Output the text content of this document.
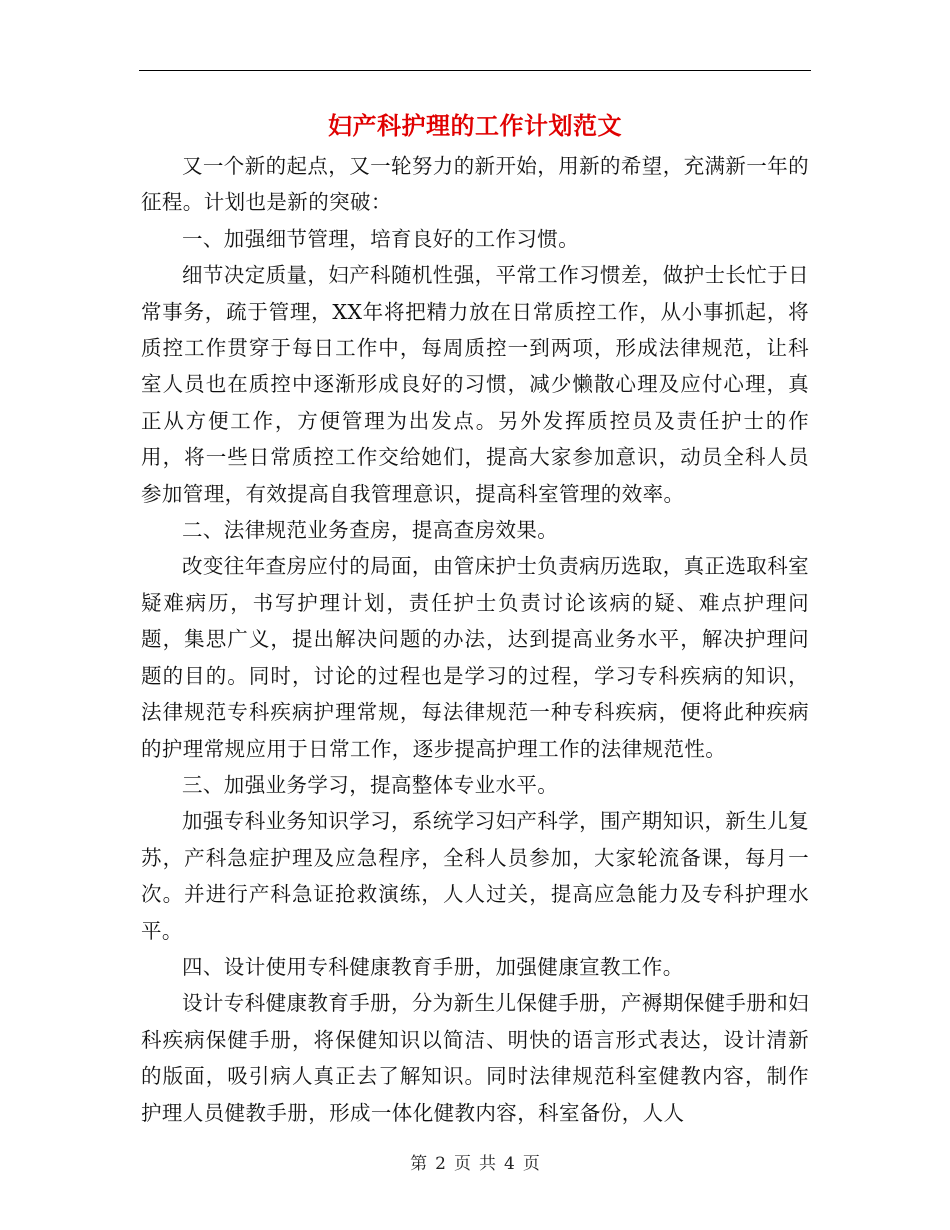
妇产科护理的工作计划范文

又一个新的起点，又一轮努力的新开始，用新的希望，充满新一年的征程。计划也是新的突破：

一、加强细节管理，培育良好的工作习惯。

细节决定质量，妇产科随机性强，平常工作习惯差，做护士长忙于日常事务，疏于管理，XX年将把精力放在日常质控工作，从小事抓起，将质控工作贯穿于每日工作中，每周质控一到两项，形成法律规范，让科室人员也在质控中逐渐形成良好的习惯，减少懒散心理及应付心理，真正从方便工作，方便管理为出发点。另外发挥质控员及责任护士的作用，将一些日常质控工作交给她们，提高大家参加意识，动员全科人员参加管理，有效提高自我管理意识，提高科室管理的效率。

二、法律规范业务查房，提高查房效果。

改变往年查房应付的局面，由管床护士负责病历选取，真正选取科室疑难病历，书写护理计划，责任护士负责讨论该病的疑、难点护理问题，集思广义，提出解决问题的办法，达到提高业务水平，解决护理问题的目的。同时，讨论的过程也是学习的过程，学习专科疾病的知识，法律规范专科疾病护理常规，每法律规范一种专科疾病，便将此种疾病的护理常规应用于日常工作，逐步提高护理工作的法律规范性。

三、加强业务学习，提高整体专业水平。

加强专科业务知识学习，系统学习妇产科学，围产期知识，新生儿复苏，产科急症护理及应急程序，全科人员参加，大家轮流备课，每月一次。并进行产科急证抢救演练，人人过关，提高应急能力及专科护理水平。

四、设计使用专科健康教育手册，加强健康宣教工作。

设计专科健康教育手册，分为新生儿保健手册，产褥期保健手册和妇科疾病保健手册，将保健知识以简洁、明快的语言形式表达，设计清新的版面，吸引病人真正去了解知识。同时法律规范科室健教内容，制作护理人员健教手册，形成一体化健教内容，科室备份，人人

第 2 页 共 4 页
